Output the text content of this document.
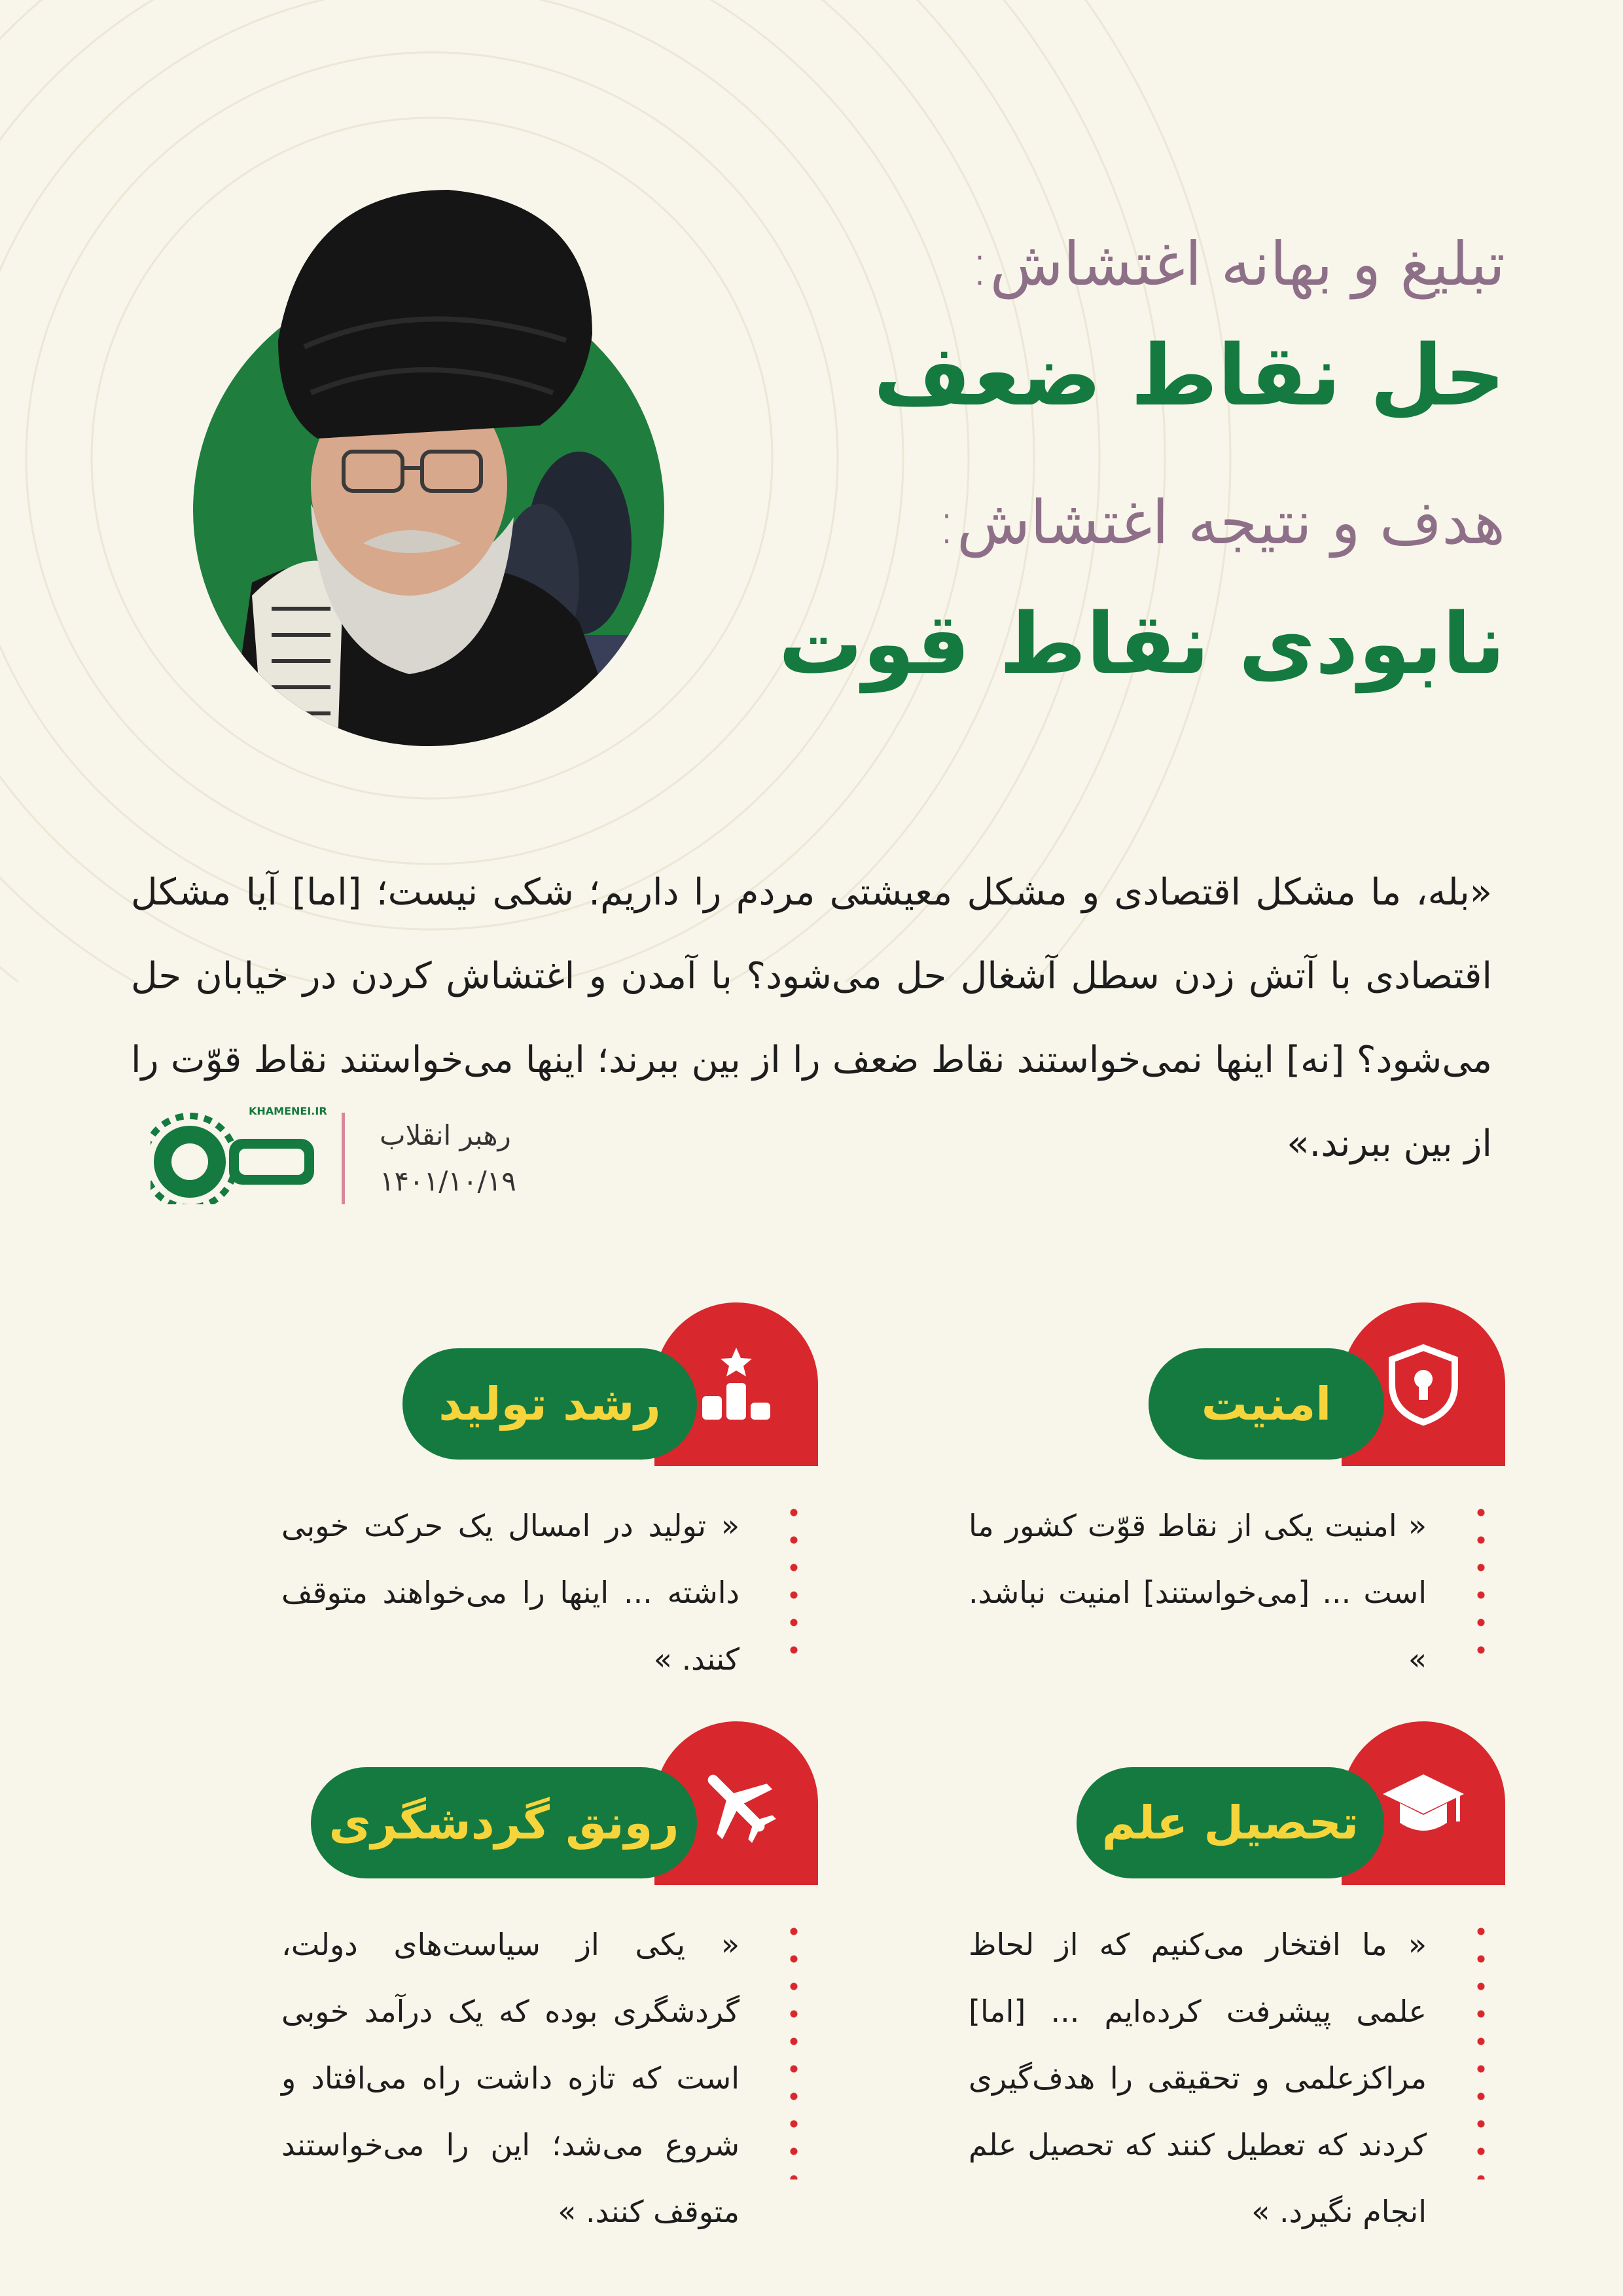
تبلیغ و بهانه اغتشاش:
حل نقاط ضعف
هدف و نتیجه اغتشاش:
نابودی نقاط قوت
«بله، ما مشکل اقتصادی و مشکل معیشتی مردم را داریم؛ شکی نیست؛ [اما] آیا مشکل اقتصادی با آتش زدن سطل آشغال حل می‌شود؟ با آمدن و اغتشاش کردن در خیابان حل می‌شود؟ [نه] اینها نمی‌خواستند نقاط ضعف را از بین ببرند؛ اینها می‌خواستند نقاط قوّت را از بین ببرند.»
KHAMENEI.IR
رهبر انقلاب
۱۴۰۱/۱۰/۱۹
امنیت
« امنیت یکی از نقاط قوّت کشور ما است ... [می‌خواستند] امنیت نباشد. »
رشد تولید
« تولید در امسال یک حرکت خوبی داشته ... اینها را می‌خواهند متوقف کنند. »
تحصیل علم
« ما افتخار می‌کنیم که از لحاظ علمی پیشرفت کرده‌ایم ... [اما] مراکزعلمی و تحقیقی را هدف‌گیری کردند که تعطیل کنند که تحصیل علم انجام نگیرد. »
رونق گردشگری
« یکی از سیاست‌های دولت، گردشگری بوده که یک درآمد خوبی است که تازه داشت راه می‌افتاد و شروع می‌شد؛ این را می‌خواستند متوقف کنند. »
